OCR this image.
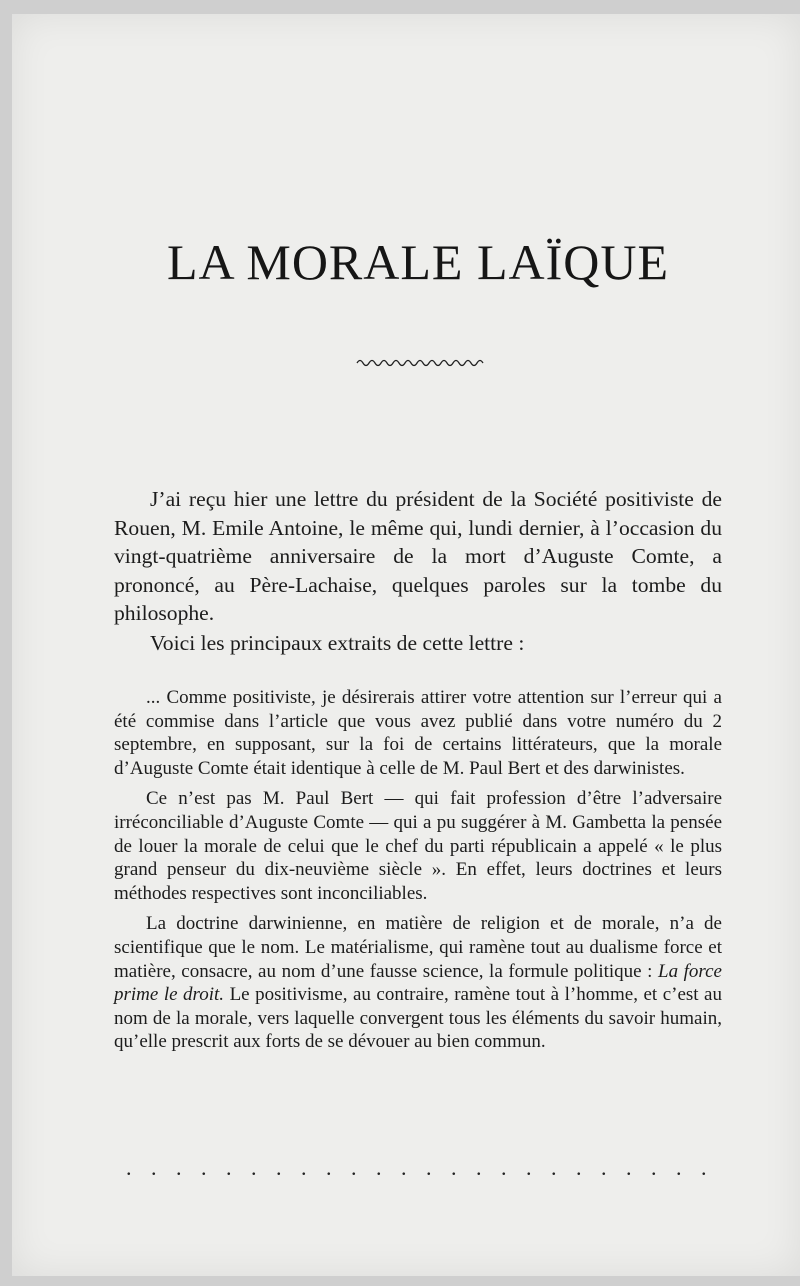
LA MORALE LAÏQUE

J’ai reçu hier une lettre du président de la Société positiviste de Rouen, M. Emile Antoine, le même qui, lundi dernier, à l’occasion du vingt-quatrième anniversaire de la mort d’Auguste Comte, a prononcé, au Père-Lachaise, quelques paroles sur la tombe du philosophe.

Voici les principaux extraits de cette lettre :

... Comme positiviste, je désirerais attirer votre attention sur l’erreur qui a été commise dans l’article que vous avez publié dans votre numéro du 2 septembre, en supposant, sur la foi de certains littérateurs, que la morale d’Auguste Comte était identique à celle de M. Paul Bert et des darwinistes.

Ce n’est pas M. Paul Bert — qui fait profession d’être l’adversaire irréconciliable d’Auguste Comte — qui a pu suggérer à M. Gambetta la pensée de louer la morale de celui que le chef du parti républicain a appelé « le plus grand penseur du dix-neuvième siècle ». En effet, leurs doctrines et leurs méthodes respectives sont inconciliables.

La doctrine darwinienne, en matière de religion et de morale, n’a de scientifique que le nom. Le matérialisme, qui ramène tout au dualisme force et matière, consacre, au nom d’une fausse science, la formule politique : La force prime le droit. Le positivisme, au contraire, ramène tout à l’homme, et c’est au nom de la morale, vers laquelle convergent tous les éléments du savoir humain, qu’elle prescrit aux forts de se dévouer au bien commun.

........................
